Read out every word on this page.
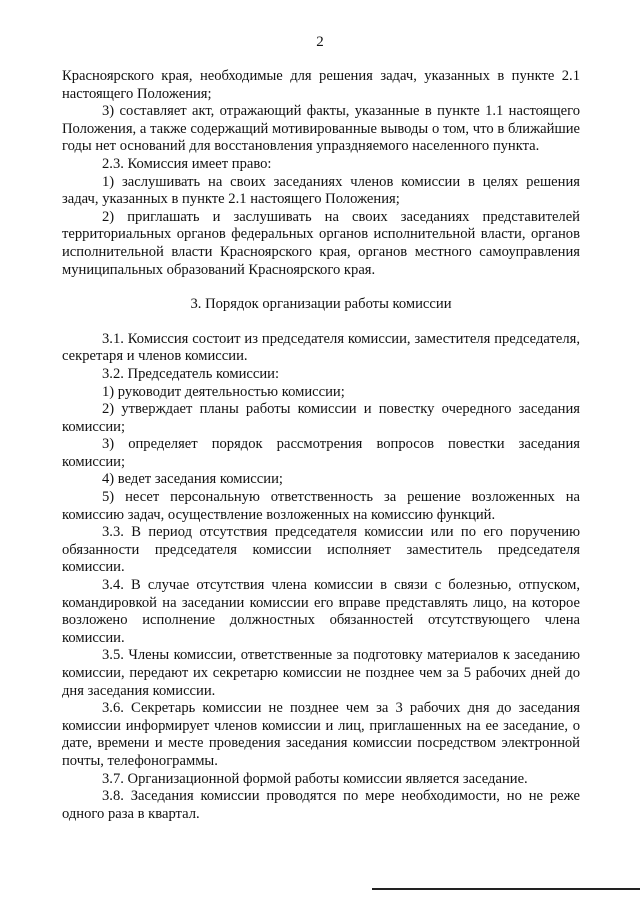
2

Красноярского края, необходимые для решения задач, указанных в пункте 2.1 настоящего Положения;

3) составляет акт, отражающий факты, указанные в пункте 1.1 настоящего Положения, а также содержащий мотивированные выводы о том, что в ближайшие годы нет оснований для восстановления упраздняемого населенного пункта.

2.3. Комиссия имеет право:

1) заслушивать на своих заседаниях членов комиссии в целях решения задач, указанных в пункте 2.1 настоящего Положения;

2) приглашать и заслушивать на своих заседаниях представителей территориальных органов федеральных органов исполнительной власти, органов исполнительной власти Красноярского края, органов местного самоуправления муниципальных образований Красноярского края.

3. Порядок организации работы комиссии

3.1. Комиссия состоит из председателя комиссии, заместителя председателя, секретаря и членов комиссии.

3.2. Председатель комиссии:

1) руководит деятельностью комиссии;

2) утверждает планы работы комиссии и повестку очередного заседания комиссии;

3) определяет порядок рассмотрения вопросов повестки заседания комиссии;

4) ведет заседания комиссии;

5) несет персональную ответственность за решение возложенных на комиссию задач, осуществление возложенных на комиссию функций.

3.3. В период отсутствия председателя комиссии или по его поручению обязанности председателя комиссии исполняет заместитель председателя комиссии.

3.4. В случае отсутствия члена комиссии в связи с болезнью, отпуском, командировкой на заседании комиссии его вправе представлять лицо, на которое возложено исполнение должностных обязанностей отсутствующего члена комиссии.

3.5. Члены комиссии, ответственные за подготовку материалов к заседанию комиссии, передают их секретарю комиссии не позднее чем за 5 рабочих дней до дня заседания комиссии.

3.6. Секретарь комиссии не позднее чем за 3 рабочих дня до заседания комиссии информирует членов комиссии и лиц, приглашенных на ее заседание, о дате, времени и месте проведения заседания комиссии посредством электронной почты, телефонограммы.

3.7. Организационной формой работы комиссии является заседание.

3.8. Заседания комиссии проводятся по мере необходимости, но не реже одного раза в квартал.
